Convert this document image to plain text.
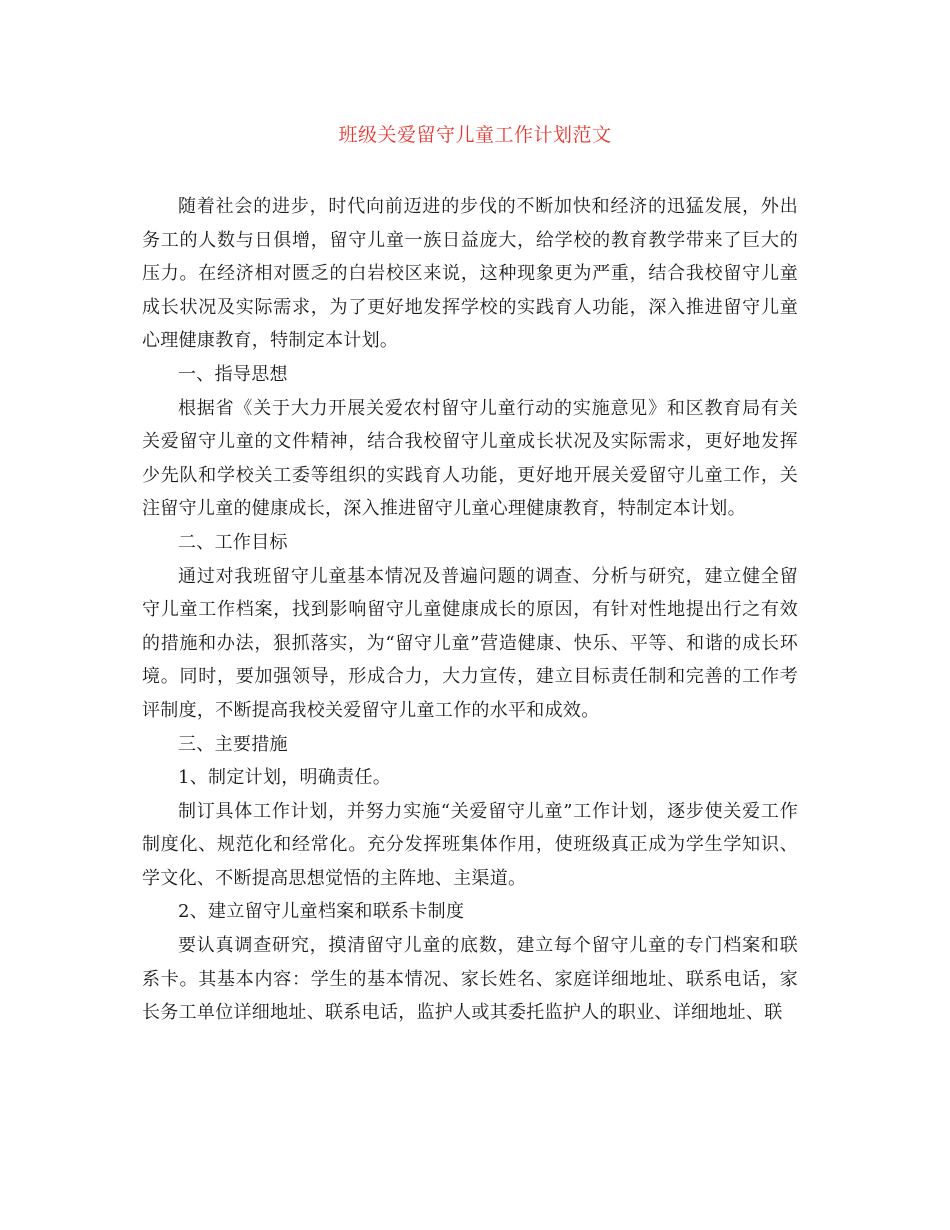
班级关爱留守儿童工作计划范文

随着社会的进步，时代向前迈进的步伐的不断加快和经济的迅猛发展，外出务工的人数与日俱增，留守儿童一族日益庞大，给学校的教育教学带来了巨大的压力。在经济相对匮乏的白岩校区来说，这种现象更为严重，结合我校留守儿童成长状况及实际需求，为了更好地发挥学校的实践育人功能，深入推进留守儿童心理健康教育，特制定本计划。

一、指导思想

根据省《关于大力开展关爱农村留守儿童行动的实施意见》和区教育局有关关爱留守儿童的文件精神，结合我校留守儿童成长状况及实际需求，更好地发挥少先队和学校关工委等组织的实践育人功能，更好地开展关爱留守儿童工作，关注留守儿童的健康成长，深入推进留守儿童心理健康教育，特制定本计划。

二、工作目标

通过对我班留守儿童基本情况及普遍问题的调查、分析与研究，建立健全留守儿童工作档案，找到影响留守儿童健康成长的原因，有针对性地提出行之有效的措施和办法，狠抓落实，为“留守儿童”营造健康、快乐、平等、和谐的成长环境。同时，要加强领导，形成合力，大力宣传，建立目标责任制和完善的工作考评制度，不断提高我校关爱留守儿童工作的水平和成效。

三、主要措施

1、制定计划，明确责任。

制订具体工作计划，并努力实施“关爱留守儿童”工作计划，逐步使关爱工作制度化、规范化和经常化。充分发挥班集体作用，使班级真正成为学生学知识、学文化、不断提高思想觉悟的主阵地、主渠道。

2、建立留守儿童档案和联系卡制度

要认真调查研究，摸清留守儿童的底数，建立每个留守儿童的专门档案和联系卡。其基本内容：学生的基本情况、家长姓名、家庭详细地址、联系电话，家长务工单位详细地址、联系电话，监护人或其委托监护人的职业、详细地址、联
